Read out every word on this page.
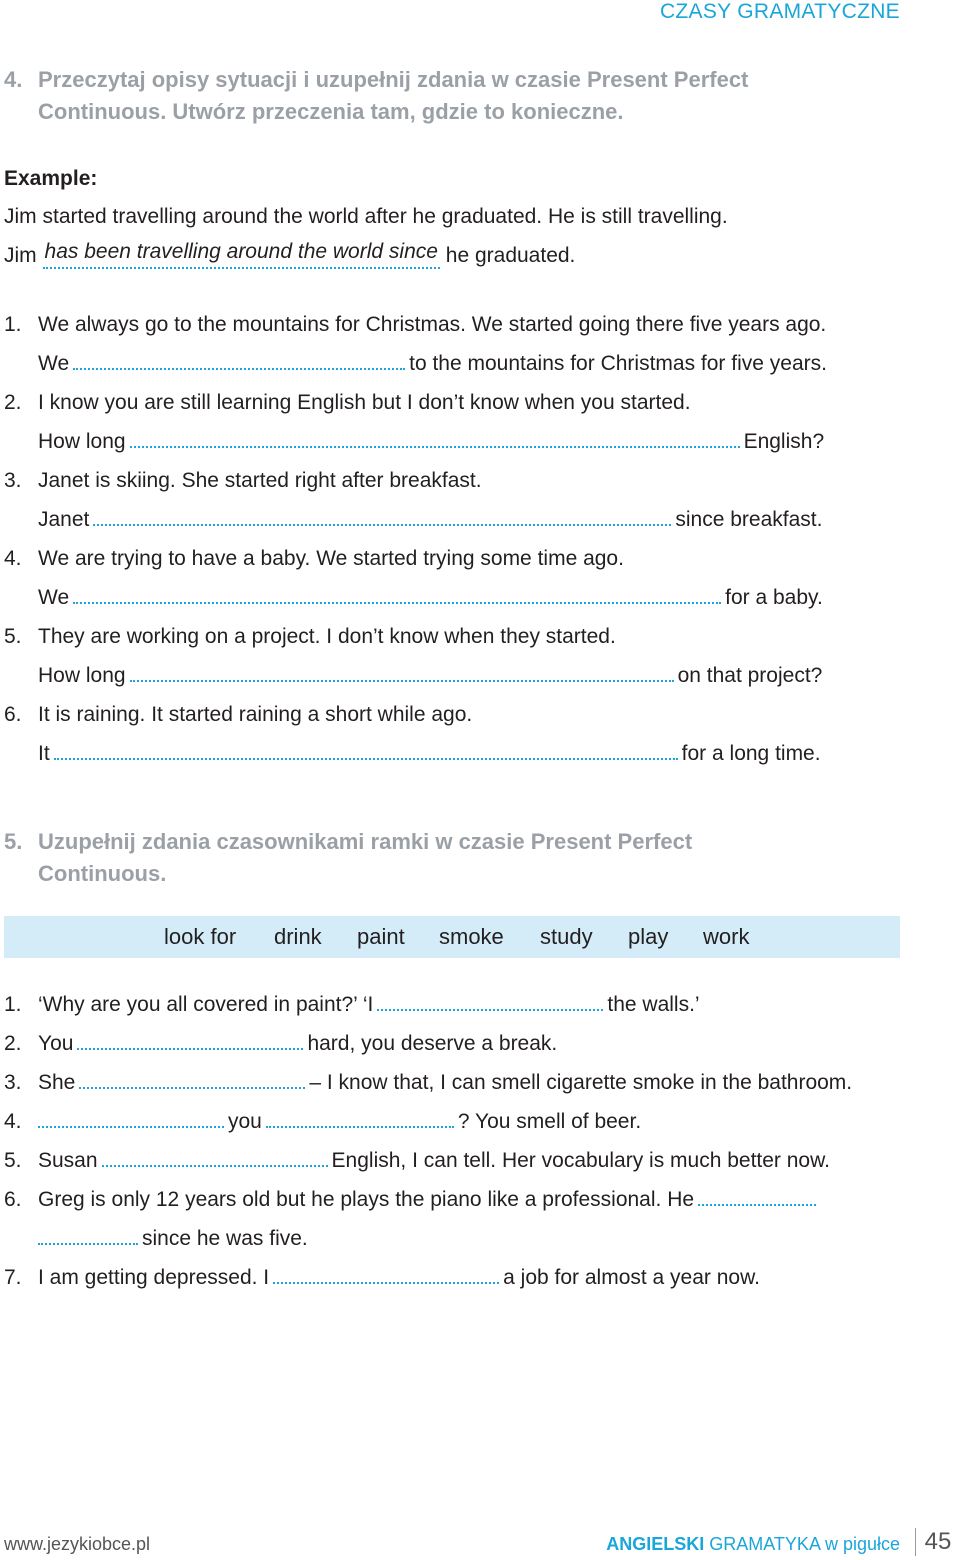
CZASY GRAMATYCZNE
4. Przeczytaj opisy sytuacji i uzupełnij zdania w czasie Present Perfect
Continuous. Utwórz przeczenia tam, gdzie to konieczne.
Example:
Jim started travelling around the world after he graduated. He is still travelling.
Jim has been travelling around the world since he graduated.
1. We always go to the mountains for Christmas. We started going there five years ago.
We	to the mountains for Christmas for five years.
2. I know you are still learning English but I don’t know when you started.
How long	English?
3. Janet is skiing. She started right after breakfast.
Janet	since breakfast.
4. We are trying to have a baby. We started trying some time ago.
We	for a baby.
5. They are working on a project. I don’t know when they started.
How long	on that project?
6. It is raining. It started raining a short while ago.
It	for a long time.
5. Uzupełnij zdania czasownikami ramki w czasie Present Perfect
Continuous.
look for drink paint smoke study play work
1. ‘Why are you all covered in paint?’ ‘I	the walls.’
2. You	hard, you deserve a break.
3. She	– I know that, I can smell cigarette smoke in the bathroom.
4.	you	? You smell of beer.
5. Susan	English, I can tell. Her vocabulary is much better now.
6. Greg is only 12 years old but he plays the piano like a professional. He
since he was five.
7. I am getting depressed. I	a job for almost a year now.
www.jezykiobce.pl	ANGIELSKI GRAMATYKA w pigułce	45
